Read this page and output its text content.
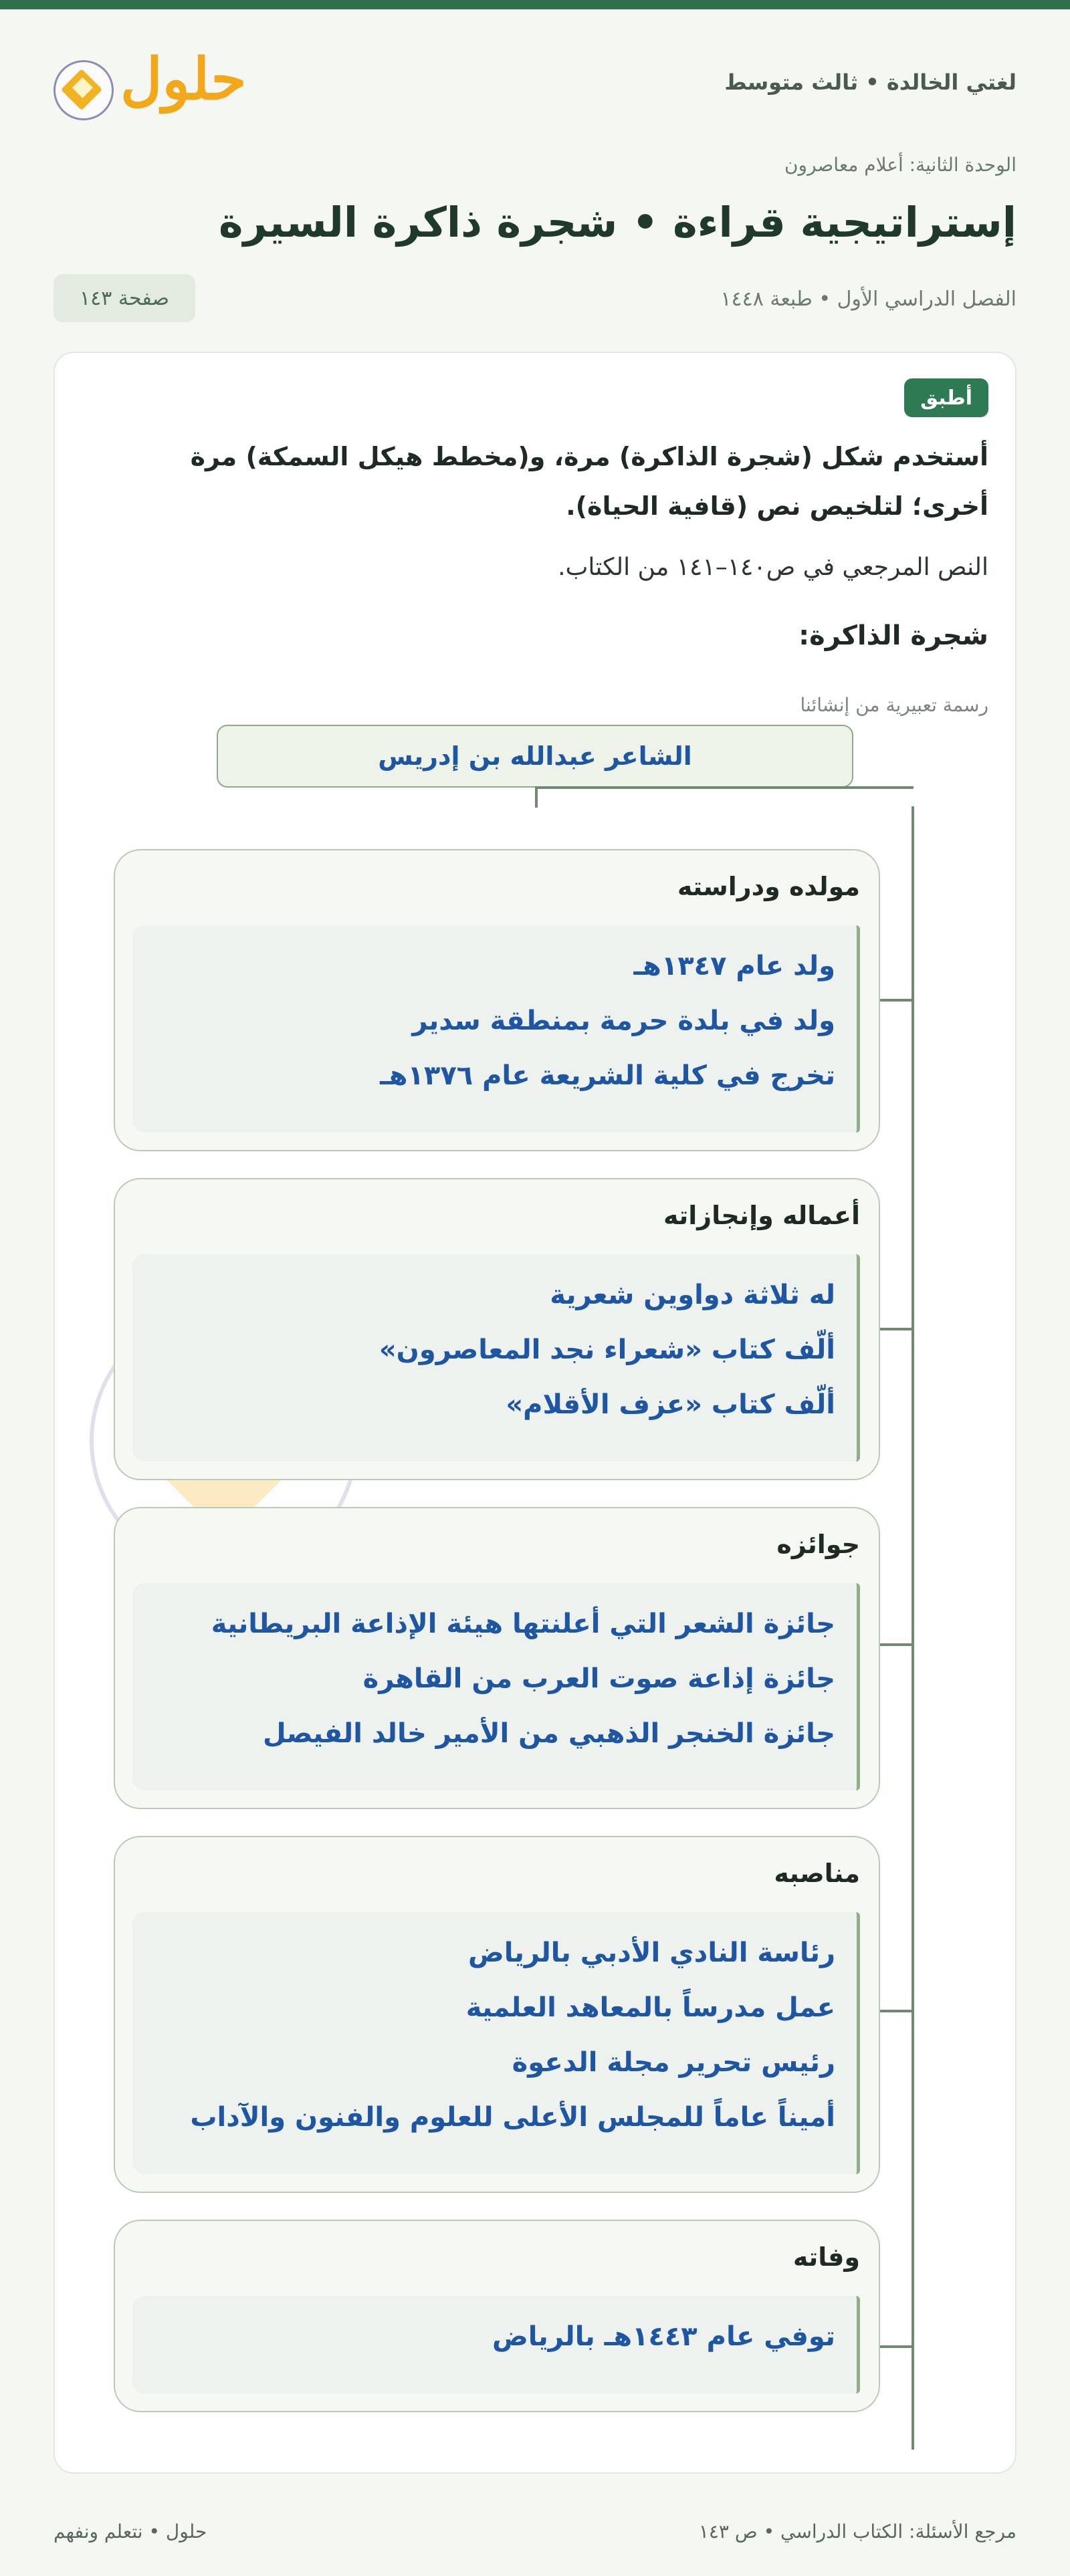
لغتي الخالدة • ثالث متوسط
حلول
الوحدة الثانية: أعلام معاصرون
إستراتيجية قراءة • شجرة ذاكرة السيرة
الفصل الدراسي الأول • طبعة ١٤٤٨
صفحة ١٤٣
أطبق
أستخدم شكل (شجرة الذاكرة) مرة، و(مخطط هيكل السمكة) مرة أخرى؛ لتلخيص نص (قافية الحياة).
النص المرجعي في ص١٤٠–١٤١ من الكتاب.
شجرة الذاكرة:
رسمة تعبيرية من إنشائنا
الشاعر عبدالله بن إدريس
مولده ودراسته
ولد عام ١٣٤٧هـ
ولد في بلدة حرمة بمنطقة سدير
تخرج في كلية الشريعة عام ١٣٧٦هـ
أعماله وإنجازاته
له ثلاثة دواوين شعرية
ألّف كتاب «شعراء نجد المعاصرون»
ألّف كتاب «عزف الأقلام»
جوائزه
جائزة الشعر التي أعلنتها هيئة الإذاعة البريطانية
جائزة إذاعة صوت العرب من القاهرة
جائزة الخنجر الذهبي من الأمير خالد الفيصل
مناصبه
رئاسة النادي الأدبي بالرياض
عمل مدرساً بالمعاهد العلمية
رئيس تحرير مجلة الدعوة
أميناً عاماً للمجلس الأعلى للعلوم والفنون والآداب
وفاته
توفي عام ١٤٤٣هـ بالرياض
مرجع الأسئلة: الكتاب الدراسي • ص ١٤٣
حلول • نتعلم ونفهم
